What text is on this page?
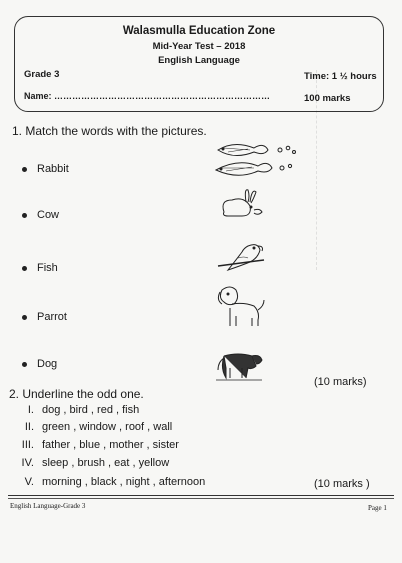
Walasmulla Education Zone
Mid-Year Test – 2018
English Language
Grade 3	Time: 1 ½ hours
Name: ………………………………………………………………	100 marks
1. Match the words with the pictures.
Rabbit
Cow
Fish
Parrot
Dog
(10 marks)
2. Underline the odd one.
I. dog , bird , red , fish
II. green , window , roof , wall
III. father , blue , mother , sister
IV. sleep , brush , eat , yellow
V. morning , black , night , afternoon	(10 marks )
English Language-Grade 3	Page 1
